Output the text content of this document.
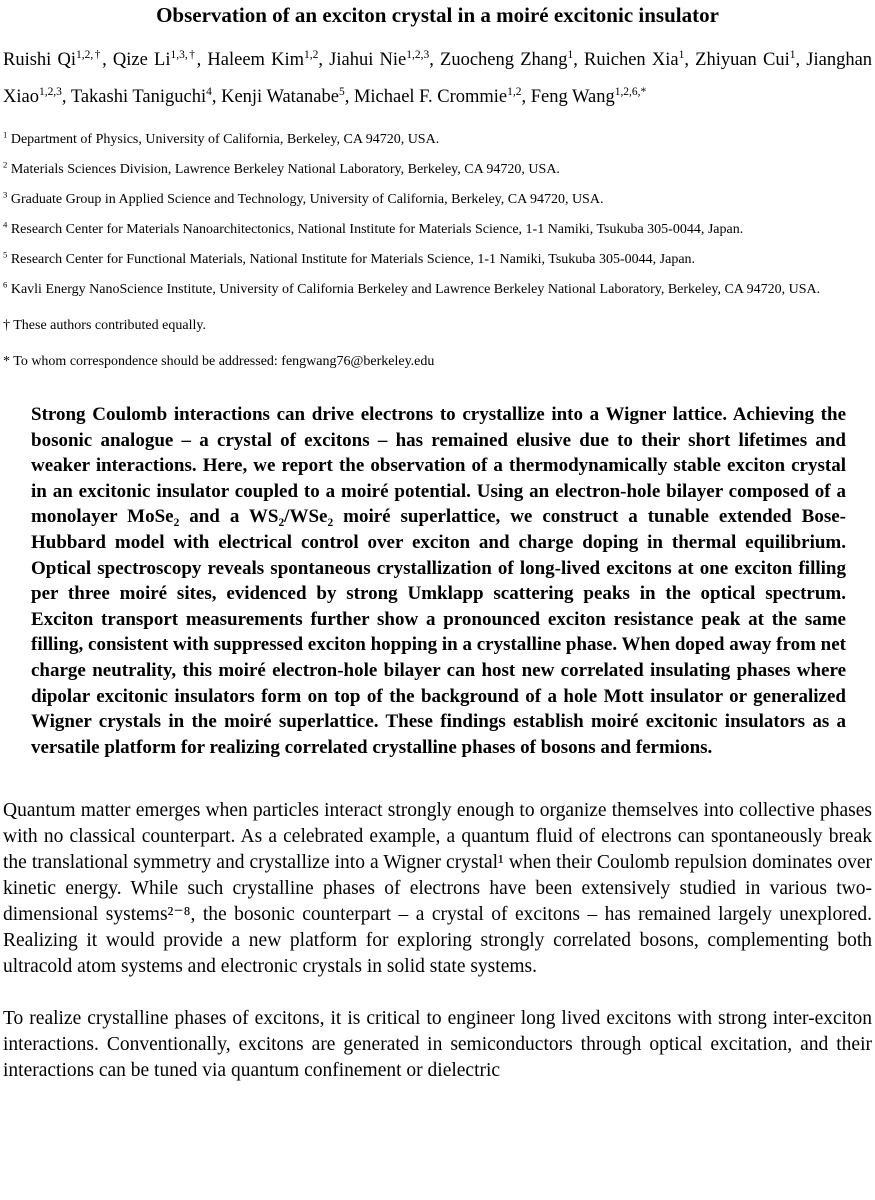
Observation of an exciton crystal in a moiré excitonic insulator

Ruishi $Qi^{1,2,\dagger}$, Qize $Li^{1,3,\dagger}$, Haleem Kim$^{1,2}$, Jiahui Nie$^{1,2,3}$, Zuocheng Zhang$^1$, Ruichen Xia$^1$, Zhiyuan Cui$^1$, Jianghan Xiao$^{1,2,3}$, Takashi Taniguchi$^4$, Kenji Watanabe$^5$, Michael F. Crommie$^{1,2}$, Feng Wang$^{1,2,6,*}$

$^1$ Department of Physics, University of California, Berkeley, CA 94720, USA.

$^2$ Materials Sciences Division, Lawrence Berkeley National Laboratory, Berkeley, CA 94720, USA.

$^3$ Graduate Group in Applied Science and Technology, University of California, Berkeley, CA 94720, USA.

$^4$ Research Center for Materials Nanoarchitectonics, National Institute for Materials Science, 1-1 Namiki, Tsukuba 305-0044, Japan.

$^5$ Research Center for Functional Materials, National Institute for Materials Science, 1-1 Namiki, Tsukuba 305-0044, Japan.

$^6$ Kavli Energy NanoScience Institute, University of California Berkeley and Lawrence Berkeley National Laboratory, Berkeley, CA 94720, USA.

† These authors contributed equally.

* To whom correspondence should be addressed: fengwang76@berkeley.edu

Strong Coulomb interactions can drive electrons to crystallize into a Wigner lattice. Achieving the bosonic analogue – a crystal of excitons – has remained elusive due to their short lifetimes and weaker interactions. Here, we report the observation of a thermodynamically stable exciton crystal in an excitonic insulator coupled to a moiré potential. Using an electron-hole bilayer composed of a monolayer MoSe₂ and a WS₂/WSe₂ moiré superlattice, we construct a tunable extended Bose-Hubbard model with electrical control over exciton and charge doping in thermal equilibrium. Optical spectroscopy reveals spontaneous crystallization of long-lived excitons at one exciton filling per three moiré sites, evidenced by strong Umklapp scattering peaks in the optical spectrum. Exciton transport measurements further show a pronounced exciton resistance peak at the same filling, consistent with suppressed exciton hopping in a crystalline phase. When doped away from net charge neutrality, this moiré electron-hole bilayer can host new correlated insulating phases where dipolar excitonic insulators form on top of the background of a hole Mott insulator or generalized Wigner crystals in the moiré superlattice. These findings establish moiré excitonic insulators as a versatile platform for realizing correlated crystalline phases of bosons and fermions.

Quantum matter emerges when particles interact strongly enough to organize themselves into collective phases with no classical counterpart. As a celebrated example, a quantum fluid of electrons can spontaneously break the translational symmetry and crystallize into a Wigner crystal¹ when their Coulomb repulsion dominates over kinetic energy. While such crystalline phases of electrons have been extensively studied in various two-dimensional systems²⁻⁸, the bosonic counterpart – a crystal of excitons – has remained largely unexplored. Realizing it would provide a new platform for exploring strongly correlated bosons, complementing both ultracold atom systems and electronic crystals in solid state systems.

To realize crystalline phases of excitons, it is critical to engineer long lived excitons with strong inter-exciton interactions. Conventionally, excitons are generated in semiconductors through optical excitation, and their interactions can be tuned via quantum confinement or dielectric
